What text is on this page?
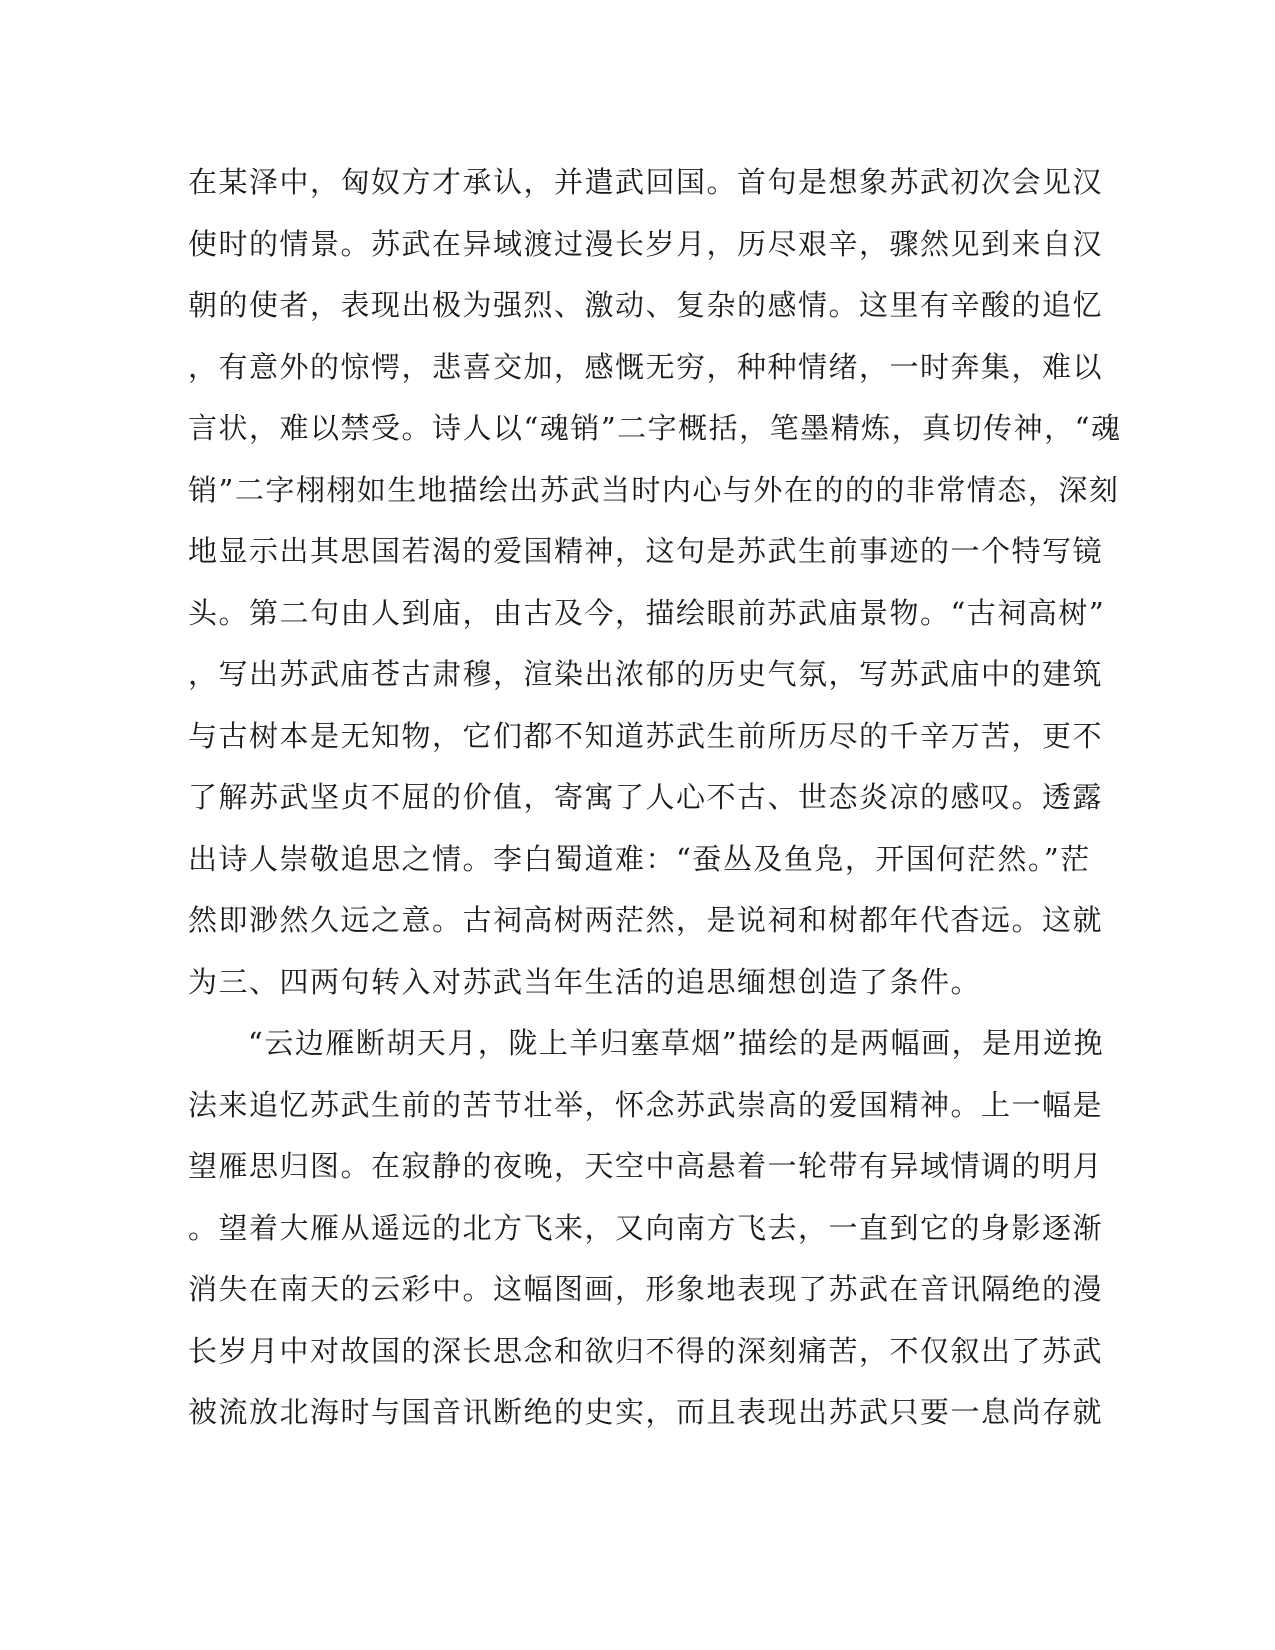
在某泽中，匈奴方才承认，并遣武回国。首句是想象苏武初次会见汉
使时的情景。苏武在异域渡过漫长岁月，历尽艰辛，骤然见到来自汉
朝的使者，表现出极为强烈、激动、复杂的感情。这里有辛酸的追忆
，有意外的惊愕，悲喜交加，感慨无穷，种种情绪，一时奔集，难以
言状，难以禁受。诗人以“魂销”二字概括，笔墨精炼，真切传神，“魂
销”二字栩栩如生地描绘出苏武当时内心与外在的的的非常情态，深刻
地显示出其思国若渴的爱国精神，这句是苏武生前事迹的一个特写镜
头。第二句由人到庙，由古及今，描绘眼前苏武庙景物。“古祠高树”
，写出苏武庙苍古肃穆，渲染出浓郁的历史气氛，写苏武庙中的建筑
与古树本是无知物，它们都不知道苏武生前所历尽的千辛万苦，更不
了解苏武坚贞不屈的价值，寄寓了人心不古、世态炎凉的感叹。透露
出诗人崇敬追思之情。李白蜀道难：“蚕丛及鱼凫，开国何茫然。”茫
然即渺然久远之意。古祠高树两茫然，是说祠和树都年代杳远。这就
为三、四两句转入对苏武当年生活的追思缅想创造了条件。
“云边雁断胡天月，陇上羊归塞草烟”描绘的是两幅画，是用逆挽
法来追忆苏武生前的苦节壮举，怀念苏武崇高的爱国精神。上一幅是
望雁思归图。在寂静的夜晚，天空中高悬着一轮带有异域情调的明月
。望着大雁从遥远的北方飞来，又向南方飞去，一直到它的身影逐渐
消失在南天的云彩中。这幅图画，形象地表现了苏武在音讯隔绝的漫
长岁月中对故国的深长思念和欲归不得的深刻痛苦，不仅叙出了苏武
被流放北海时与国音讯断绝的史实，而且表现出苏武只要一息尚存就
